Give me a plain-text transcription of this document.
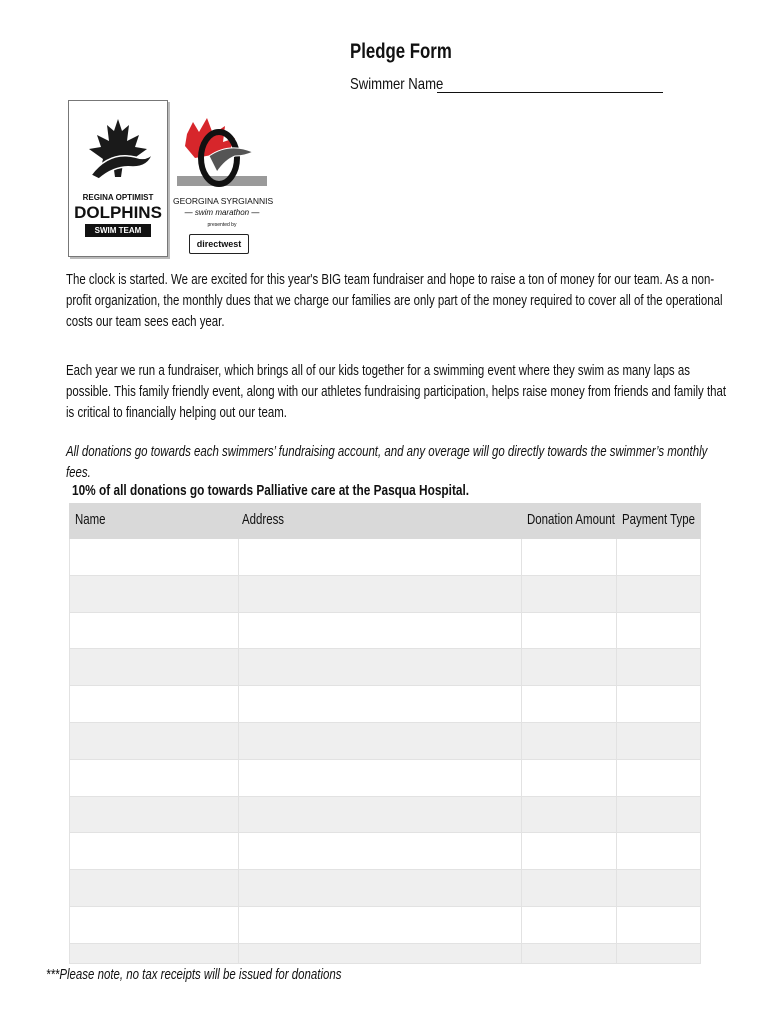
Pledge Form
Swimmer Name
REGINA OPTIMIST
DOLPHINS
SWIM TEAM
GEORGINA SYRGIANNIS
— swim marathon —
presented by
directwest
The clock is started. We are excited for this year's BIG team fundraiser and hope to raise a ton of money for our team. As a non-
profit organization, the monthly dues that we charge our families are only part of the money required to cover all of the operational
costs our team sees each year.
Each year we run a fundraiser, which brings all of our kids together for a swimming event where they swim as many laps as
possible. This family friendly event, along with our athletes fundraising participation, helps raise money from friends and family that
is critical to financially helping out our team.
All donations go towards each swimmers’ fundraising account, and any overage will go directly towards the swimmer’s monthly
fees.
10% of all donations go towards Palliative care at the Pasqua Hospital.
Name	Address	Donation Amount Payment Type
***Please note, no tax receipts will be issued for donations
